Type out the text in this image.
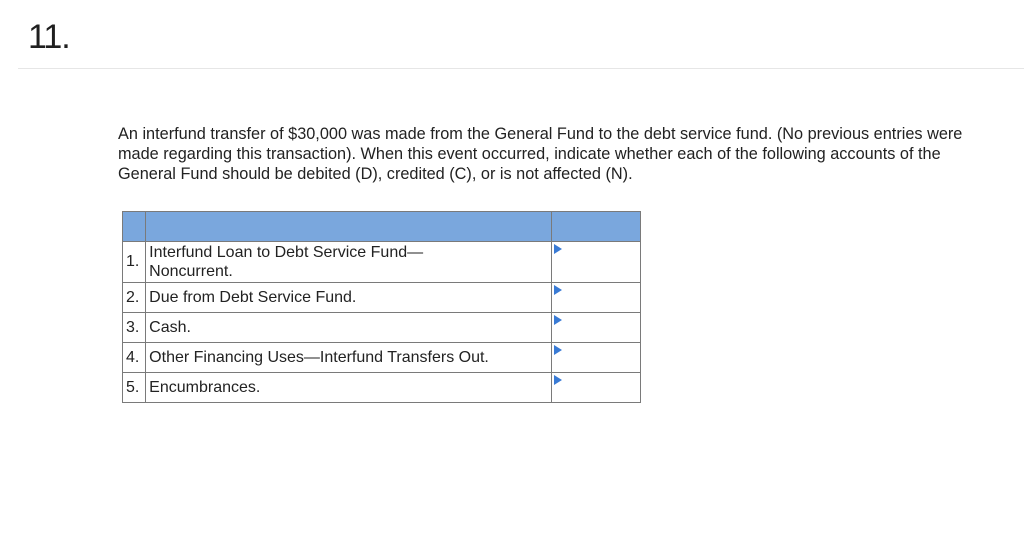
11.

An interfund transfer of $30,000 was made from the General Fund to the debt service fund. (No previous entries were made regarding this transaction). When this event occurred, indicate whether each of the following accounts of the General Fund should be debited (D), credited (C), or is not affected (N).

1.	Interfund Loan to Debt Service Fund—Noncurrent.	

2.	Due from Debt Service Fund.	

3.	Cash.	

4.	Other Financing Uses—Interfund Transfers Out.	

5.	Encumbrances.	
